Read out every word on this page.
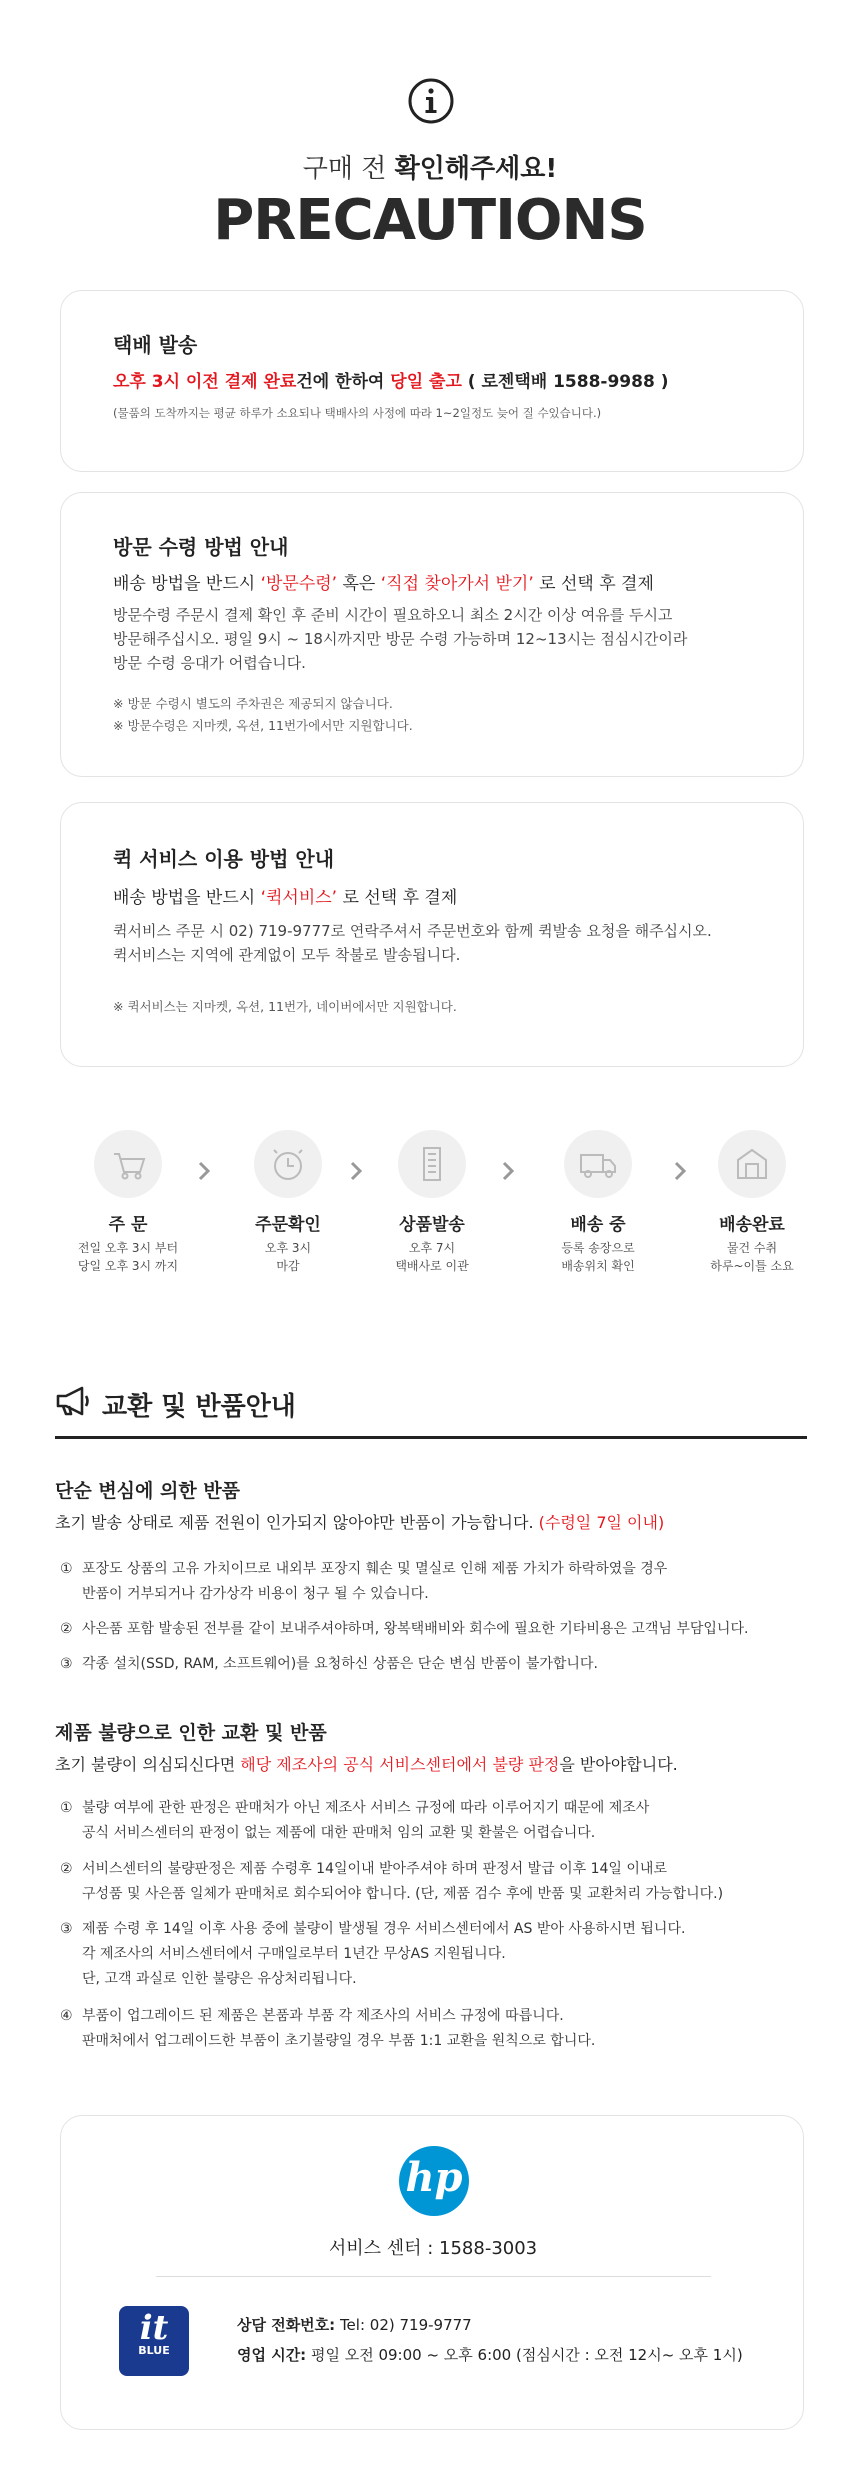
구매 전 확인해주세요!
PRECAUTIONS
택배 발송
오후 3시 이전 결제 완료건에 한하여 당일 출고 ( 로젠택배 1588-9988 )
(물품의 도착까지는 평균 하루가 소요되나 택배사의 사정에 따라 1~2일정도 늦어 질 수있습니다.)
방문 수령 방법 안내
배송 방법을 반드시 ‘방문수령’ 혹은 ‘직접 찾아가서 받기’ 로 선택 후 결제
방문수령 주문시 결제 확인 후 준비 시간이 필요하오니 최소 2시간 이상 여유를 두시고
방문해주십시오. 평일 9시 ~ 18시까지만 방문 수령 가능하며 12~13시는 점심시간이라
방문 수령 응대가 어렵습니다.
※ 방문 수령시 별도의 주차권은 제공되지 않습니다.
※ 방문수령은 지마켓, 옥션, 11번가에서만 지원합니다.
퀵 서비스 이용 방법 안내
배송 방법을 반드시 ‘퀵서비스’ 로 선택 후 결제
퀵서비스 주문 시 02) 719-9777로 연락주셔서 주문번호와 함께 퀵발송 요청을 해주십시오.
퀵서비스는 지역에 관계없이 모두 착불로 발송됩니다.
※ 퀵서비스는 지마켓, 옥션, 11번가, 네이버에서만 지원합니다.
주 문
전일 오후 3시 부터
당일 오후 3시 까지
주문확인
오후 3시
마감
상품발송
오후 7시
택배사로 이관
배송 중
등록 송장으로
배송위치 확인
배송완료
물건 수취
하루~이틀 소요
교환 및 반품안내
단순 변심에 의한 반품
초기 발송 상태로 제품 전원이 인가되지 않아야만 반품이 가능합니다. (수령일 7일 이내)
① 포장도 상품의 고유 가치이므로 내외부 포장지 훼손 및 멸실로 인해 제품 가치가 하락하였을 경우
반품이 거부되거나 감가상각 비용이 청구 될 수 있습니다.
② 사은품 포함 발송된 전부를 같이 보내주셔야하며, 왕복택배비와 회수에 필요한 기타비용은 고객님 부담입니다.
③ 각종 설치(SSD, RAM, 소프트웨어)를 요청하신 상품은 단순 변심 반품이 불가합니다.
제품 불량으로 인한 교환 및 반품
초기 불량이 의심되신다면 해당 제조사의 공식 서비스센터에서 불량 판정을 받아야합니다.
① 불량 여부에 관한 판정은 판매처가 아닌 제조사 서비스 규정에 따라 이루어지기 때문에 제조사
공식 서비스센터의 판정이 없는 제품에 대한 판매처 임의 교환 및 환불은 어렵습니다.
② 서비스센터의 불량판정은 제품 수령후 14일이내 받아주셔야 하며 판정서 발급 이후 14일 이내로
구성품 및 사은품 일체가 판매처로 회수되어야 합니다. (단, 제품 검수 후에 반품 및 교환처리 가능합니다.)
③ 제품 수령 후 14일 이후 사용 중에 불량이 발생될 경우 서비스센터에서 AS 받아 사용하시면 됩니다.
각 제조사의 서비스센터에서 구매일로부터 1년간 무상AS 지원됩니다.
단, 고객 과실로 인한 불량은 유상처리됩니다.
④ 부품이 업그레이드 된 제품은 본품과 부품 각 제조사의 서비스 규정에 따릅니다.
판매처에서 업그레이드한 부품이 초기불량일 경우 부품 1:1 교환을 원칙으로 합니다.
hp
서비스 센터 : 1588-3003
it
BLUE
상담 전화번호: Tel: 02) 719-9777
영업 시간: 평일 오전 09:00 ~ 오후 6:00 (점심시간 : 오전 12시~ 오후 1시)
